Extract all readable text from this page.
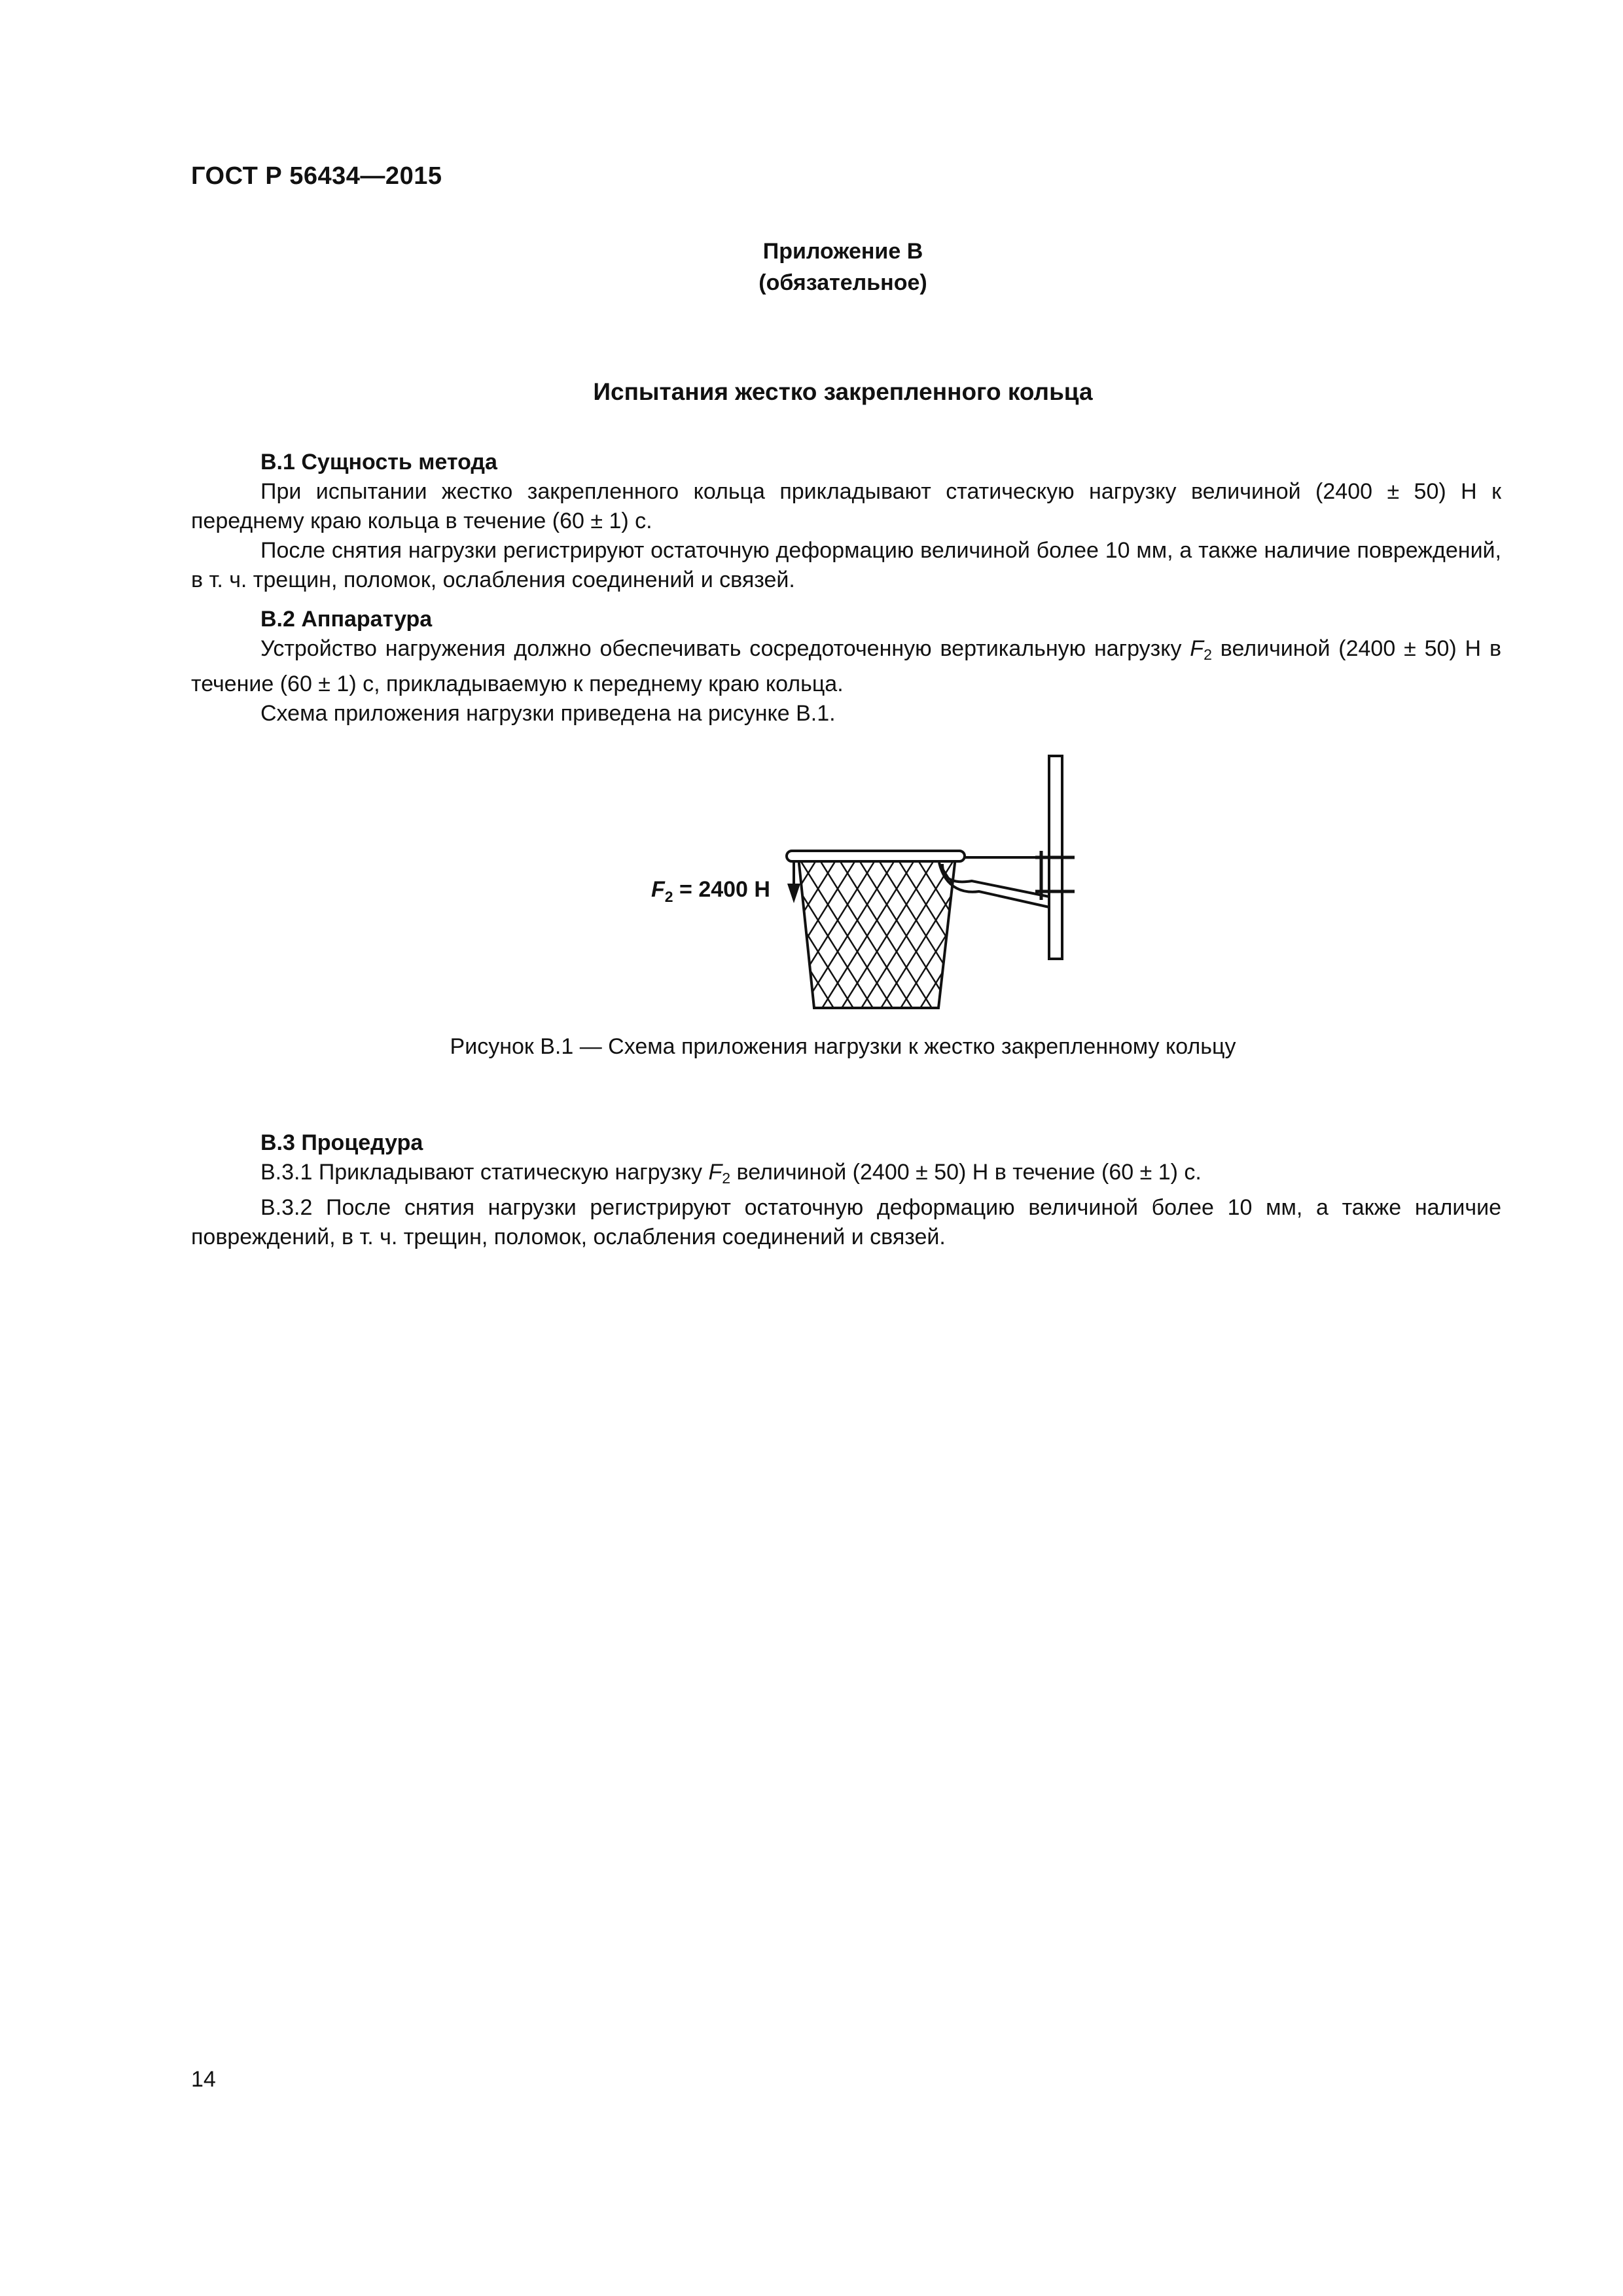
ГОСТ Р 56434—2015
Приложение В
(обязательное)
Испытания жестко закрепленного кольца

В.1 Сущность метода

При испытании жестко закрепленного кольца прикладывают статическую нагрузку величиной (2400 ± 50) Н к переднему краю кольца в течение (60 ± 1) с.

После снятия нагрузки регистрируют остаточную деформацию величиной более 10 мм, а также наличие повреждений, в т. ч. трещин, поломок, ослабления соединений и связей.

В.2 Аппаратура

Устройство нагружения должно обеспечивать сосредоточенную вертикальную нагрузку $F_2$ величиной (2400 ± 50) Н в течение (60 ± 1) с, прикладываемую к переднему краю кольца.

Схема приложения нагрузки приведена на рисунке В.1.

$F_2 = 2400$ Н
Рисунок В.1 — Схема приложения нагрузки к жестко закрепленному кольцу

В.3 Процедура

В.3.1 Прикладывают статическую нагрузку $F_2$ величиной (2400 ± 50) Н в течение (60 ± 1) с.

В.3.2 После снятия нагрузки регистрируют остаточную деформацию величиной более 10 мм, а также наличие повреждений, в т. ч. трещин, поломок, ослабления соединений и связей.

14
